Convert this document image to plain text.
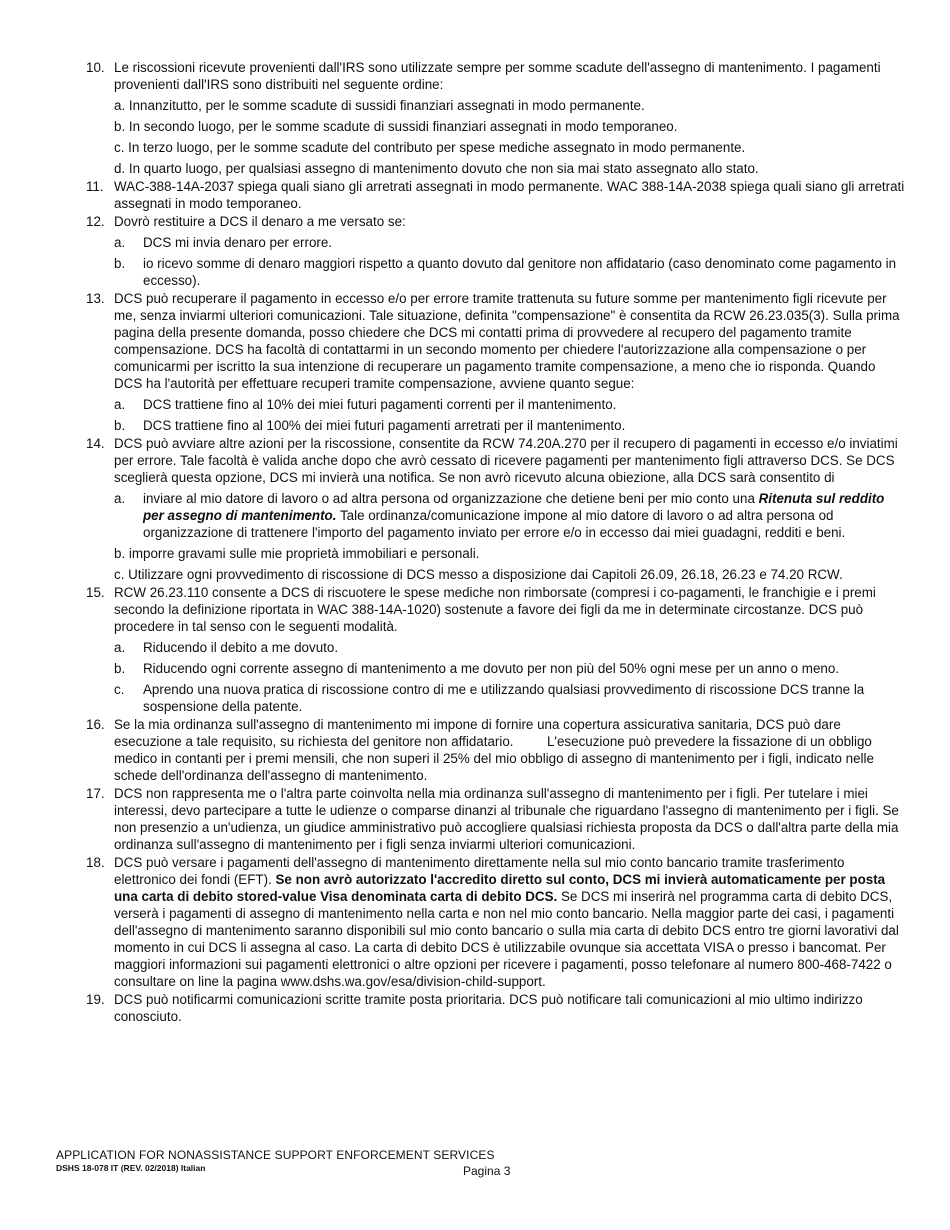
10. Le riscossioni ricevute provenienti dall'IRS sono utilizzate sempre per somme scadute dell'assegno di mantenimento. I pagamenti provenienti dall'IRS sono distribuiti nel seguente ordine:

a. Innanzitutto, per le somme scadute di sussidi finanziari assegnati in modo permanente.
b. In secondo luogo, per le somme scadute di sussidi finanziari assegnati in modo temporaneo.
c. In terzo luogo, per le somme scadute del contributo per spese mediche assegnato in modo permanente.
d. In quarto luogo, per qualsiasi assegno di mantenimento dovuto che non sia mai stato assegnato allo stato.
11. WAC-388-14A-2037 spiega quali siano gli arretrati assegnati in modo permanente. WAC 388-14A-2038 spiega quali siano gli arretrati assegnati in modo temporaneo.

12. Dovrò restituire a DCS il denaro a me versato se:

a.	DCS mi invia denaro per errore.
b.	io ricevo somme di denaro maggiori rispetto a quanto dovuto dal genitore non affidatario (caso denominato come pagamento in eccesso).
13. DCS può recuperare il pagamento in eccesso e/o per errore tramite trattenuta su future somme per mantenimento figli ricevute per me, senza inviarmi ulteriori comunicazioni. Tale situazione, definita "compensazione" è consentita da RCW 26.23.035(3). Sulla prima pagina della presente domanda, posso chiedere che DCS mi contatti prima di provvedere al recupero del pagamento tramite compensazione. DCS ha facoltà di contattarmi in un secondo momento per chiedere l'autorizzazione alla compensazione o per comunicarmi per iscritto la sua intenzione di recuperare un pagamento tramite compensazione, a meno che io risponda. Quando DCS ha l'autorità per effettuare recuperi tramite compensazione, avviene quanto segue:

a.	DCS trattiene fino al 10% dei miei futuri pagamenti correnti per il mantenimento.
b.	DCS trattiene fino al 100% dei miei futuri pagamenti arretrati per il mantenimento.
14. DCS può avviare altre azioni per la riscossione, consentite da RCW 74.20A.270 per il recupero di pagamenti in eccesso e/o inviatimi per errore. Tale facoltà è valida anche dopo che avrò cessato di ricevere pagamenti per mantenimento figli attraverso DCS. Se DCS sceglierà questa opzione, DCS mi invierà una notifica. Se non avrò ricevuto alcuna obiezione, alla DCS sarà consentito di

a.	inviare al mio datore di lavoro o ad altra persona od organizzazione che detiene beni per mio conto una Ritenuta sul reddito per assegno di mantenimento. Tale ordinanza/comunicazione impone al mio datore di lavoro o ad altra persona od organizzazione di trattenere l'importo del pagamento inviato per errore e/o in eccesso dai miei guadagni, redditi e beni.
b. imporre gravami sulle mie proprietà immobiliari e personali.
c. Utilizzare ogni provvedimento di riscossione di DCS messo a disposizione dai Capitoli 26.09, 26.18, 26.23 e 74.20 RCW.
15. RCW 26.23.110 consente a DCS di riscuotere le spese mediche non rimborsate (compresi i co-pagamenti, le franchigie e i premi secondo la definizione riportata in WAC 388-14A-1020) sostenute a favore dei figli da me in determinate circostanze. DCS può procedere in tal senso con le seguenti modalità.

a.	Riducendo il debito a me dovuto.
b.	Riducendo ogni corrente assegno di mantenimento a me dovuto per non più del 50% ogni mese per un anno o meno.
c.	Aprendo una nuova pratica di riscossione contro di me e utilizzando qualsiasi provvedimento di riscossione DCS tranne la sospensione della patente.
16. Se la mia ordinanza sull'assegno di mantenimento mi impone di fornire una copertura assicurativa sanitaria, DCS può dare esecuzione a tale requisito, su richiesta del genitore non affidatario.         L'esecuzione può prevedere la fissazione di un obbligo medico in contanti per i premi mensili, che non superi il 25% del mio obbligo di assegno di mantenimento per i figli, indicato nelle schede dell'ordinanza dell'assegno di mantenimento.

17. DCS non rappresenta me o l'altra parte coinvolta nella mia ordinanza sull'assegno di mantenimento per i figli. Per tutelare i miei interessi, devo partecipare a tutte le udienze o comparse dinanzi al tribunale che riguardano l'assegno di mantenimento per i figli. Se non presenzio a un'udienza, un giudice amministrativo può accogliere qualsiasi richiesta proposta da DCS o dall'altra parte della mia ordinanza sull'assegno di mantenimento per i figli senza inviarmi ulteriori comunicazioni.

18. DCS può versare i pagamenti dell'assegno di mantenimento direttamente nella sul mio conto bancario tramite trasferimento elettronico dei fondi (EFT). Se non avrò autorizzato l'accredito diretto sul conto, DCS mi invierà automaticamente per posta una carta di debito stored-value Visa denominata carta di debito DCS. Se DCS mi inserirà nel programma carta di debito DCS, verserà i pagamenti di assegno di mantenimento nella carta e non nel mio conto bancario. Nella maggior parte dei casi, i pagamenti dell'assegno di mantenimento saranno disponibili sul mio conto bancario o sulla mia carta di debito DCS entro tre giorni lavorativi dal momento in cui DCS li assegna al caso. La carta di debito DCS è utilizzabile ovunque sia accettata VISA o presso i bancomat. Per maggiori informazioni sui pagamenti elettronici o altre opzioni per ricevere i pagamenti, posso telefonare al numero 800-468-7422 o consultare on line la pagina www.dshs.wa.gov/esa/division-child-support.

19. DCS può notificarmi comunicazioni scritte tramite posta prioritaria. DCS può notificare tali comunicazioni al mio ultimo indirizzo conosciuto.

APPLICATION FOR NONASSISTANCE SUPPORT ENFORCEMENT SERVICES
DSHS 18-078 IT (REV. 02/2018) Italian	Pagina 3
